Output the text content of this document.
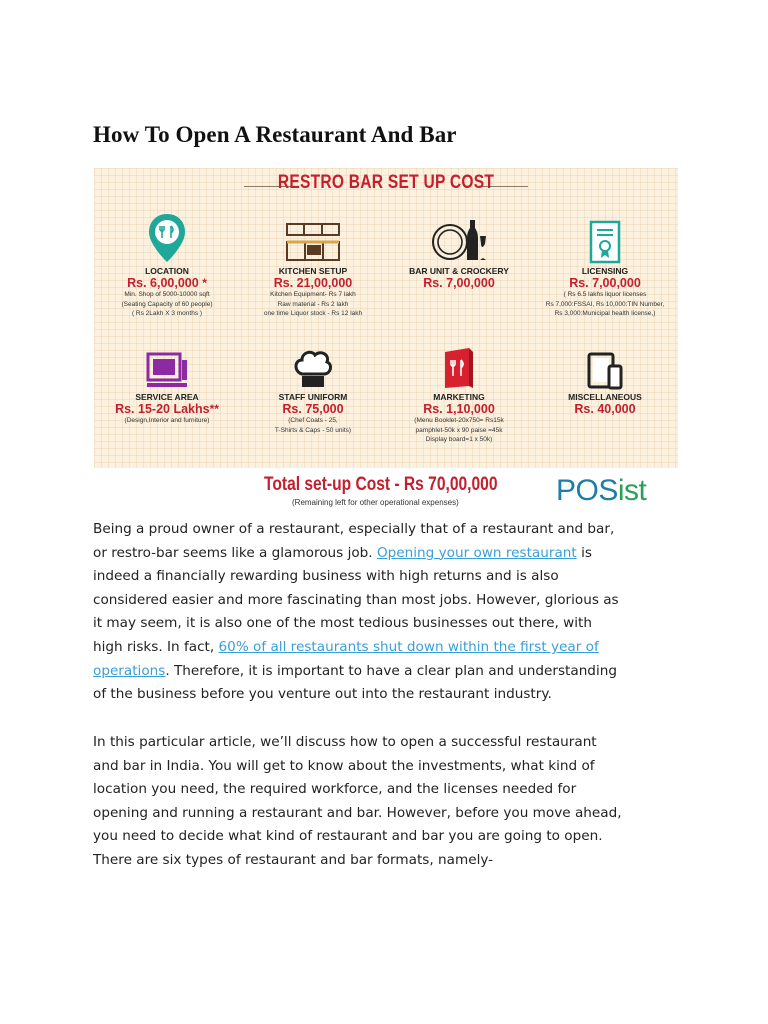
How To Open A Restaurant And Bar
RESTRO BAR SET UP COST
LOCATION
Rs. 6,00,000 *
Min. Shop of 5000-10000 sqft
(Seating Capacity of 60 people)
( Rs 2Lakh X 3 months )
KITCHEN SETUP
Rs. 21,00,000
Kitchen Equipment- Rs 7 lakh
Raw material - Rs 2 lakh
one time Liquor stock - Rs 12 lakh
BAR UNIT & CROCKERY
Rs. 7,00,000
LICENSING
Rs. 7,00,000
( Rs 6.5 lakhs liquor licenses
Rs 7,000:FSSAI, Rs 10,000:TIN Number,
Rs 3,000:Municipal health license,)
SERVICE AREA
Rs. 15-20 Lakhs**
(Design,Interior and furniture)
STAFF UNIFORM
Rs. 75,000
(Chef Coats - 25,
T-Shirts & Caps - 50 units)
MARKETING
Rs. 1,10,000
(Menu Booklet-20x750= Rs15k
pamphlet-50k x 90 paise =45k
Display board=1 x 50k)
MISCELLANEOUS
Rs. 40,000
Total set-up Cost - Rs 70,00,000
(Remaining left for other operational expenses)	POSist

Being a proud owner of a restaurant, especially that of a restaurant and bar,
or restro-bar seems like a glamorous job. Opening your own restaurant is
indeed a financially rewarding business with high returns and is also
considered easier and more fascinating than most jobs. However, glorious as
it may seem, it is also one of the most tedious businesses out there, with
high risks. In fact, 60% of all restaurants shut down within the first year of
operations. Therefore, it is important to have a clear plan and understanding
of the business before you venture out into the restaurant industry.

In this particular article, we’ll discuss how to open a successful restaurant
and bar in India. You will get to know about the investments, what kind of
location you need, the required workforce, and the licenses needed for
opening and running a restaurant and bar. However, before you move ahead,
you need to decide what kind of restaurant and bar you are going to open.
There are six types of restaurant and bar formats, namely-
